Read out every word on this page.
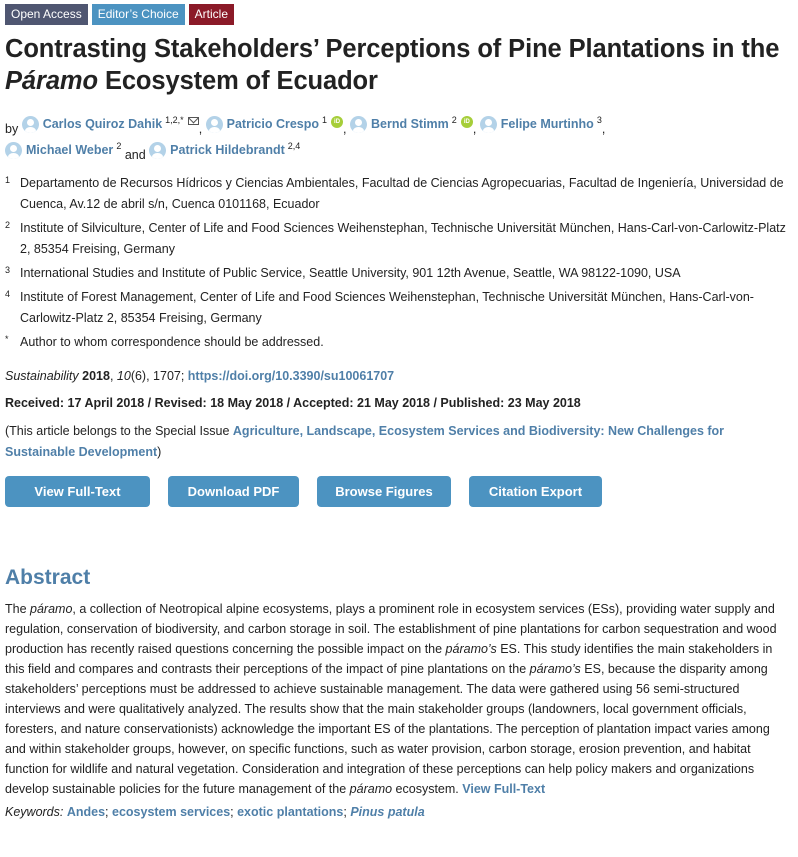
Open Access	Editor’s Choice	Article
Contrasting Stakeholders’ Perceptions of Pine Plantations in the Páramo Ecosystem of Ecuador
by Carlos Quiroz Dahik $^{1,2,*}$
, Patricio Crespo $^1$	iD
, Bernd Stimm $^2$	iD
, Felipe Murtinho $^3$
,

Michael Weber $^2$
and Patrick Hildebrandt $^{2,4}$
1 Departamento de Recursos Hídricos y Ciencias Ambientales, Facultad de Ciencias Agropecuarias, Facultad de Ingeniería, Universidad de Cuenca, Av.12 de abril s/n, Cuenca 0101168, Ecuador
2 Institute of Silviculture, Center of Life and Food Sciences Weihenstephan, Technische Universität München, Hans-Carl-von-Carlowitz-Platz 2, 85354 Freising, Germany
3 International Studies and Institute of Public Service, Seattle University, 901 12th Avenue, Seattle, WA 98122-1090, USA
4 Institute of Forest Management, Center of Life and Food Sciences Weihenstephan, Technische Universität München, Hans-Carl-von-Carlowitz-Platz 2, 85354 Freising, Germany
* Author to whom correspondence should be addressed.
Sustainability 2018, 10(6), 1707; https://doi.org/10.3390/su10061707
Received: 17 April 2018 / Revised: 18 May 2018 / Accepted: 21 May 2018 / Published: 23 May 2018
(This article belongs to the Special Issue Agriculture, Landscape, Ecosystem Services and Biodiversity: New Challenges for Sustainable Development)
View Full-Text	Download PDF	Browse Figures	Citation Export
Abstract
The páramo, a collection of Neotropical alpine ecosystems, plays a prominent role in ecosystem services (ESs), providing water supply and regulation, conservation of biodiversity, and carbon storage in soil. The establishment of pine plantations for carbon sequestration and wood production has recently raised questions concerning the possible impact on the páramo’s ES. This study identifies the main stakeholders in this field and compares and contrasts their perceptions of the impact of pine plantations on the páramo’s ES, because the disparity among stakeholders’ perceptions must be addressed to achieve sustainable management. The data were gathered using 56 semi-structured interviews and were qualitatively analyzed. The results show that the main stakeholder groups (landowners, local government officials, foresters, and nature conservationists) acknowledge the important ES of the plantations. The perception of plantation impact varies among and within stakeholder groups, however, on specific functions, such as water provision, carbon storage, erosion prevention, and habitat function for wildlife and natural vegetation. Consideration and integration of these perceptions can help policy makers and organizations develop sustainable policies for the future management of the páramo ecosystem. View Full-Text
Keywords: Andes; ecosystem services; exotic plantations; Pinus patula
